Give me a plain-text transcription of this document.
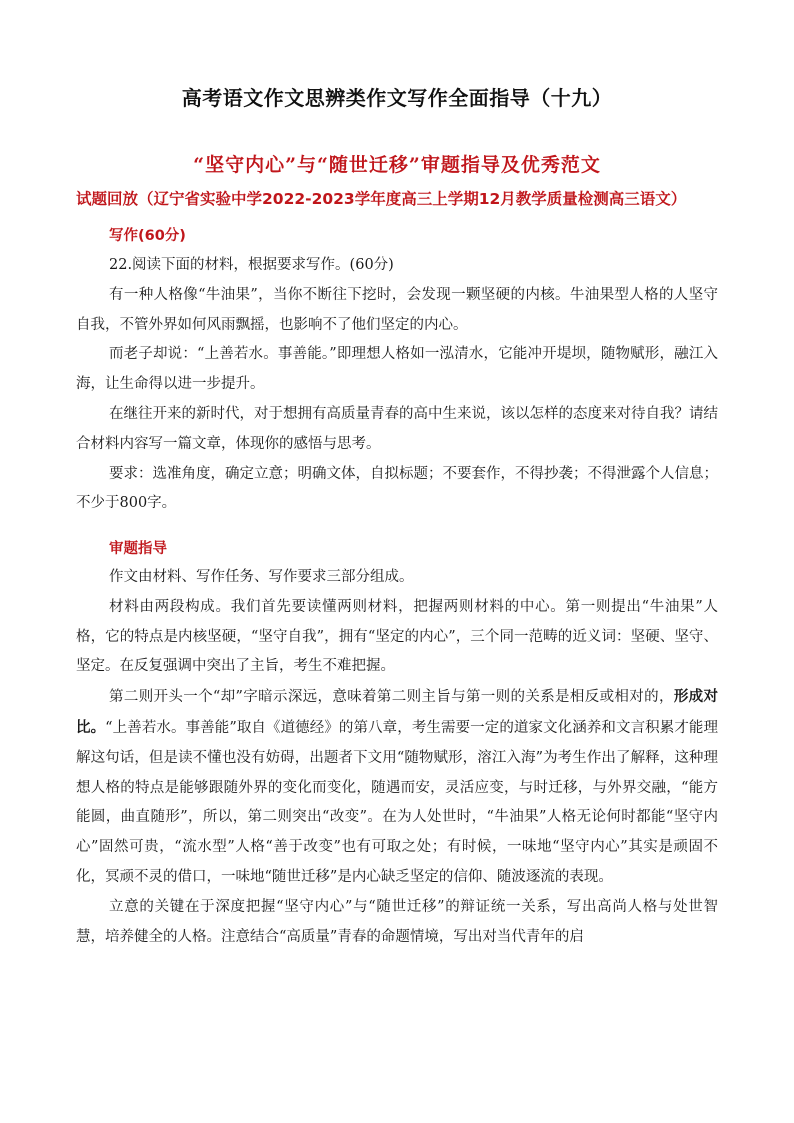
高考语文作文思辨类作文写作全面指导（十九）
“坚守内心”与“随世迁移”审题指导及优秀范文
试题回放（辽宁省实验中学2022-2023学年度高三上学期12月教学质量检测高三语文）
写作(60分)

22.阅读下面的材料，根据要求写作。(60分)

有一种人格像“牛油果”，当你不断往下挖时，会发现一颗坚硬的内核。牛油果型人格的人坚守自我，不管外界如何风雨飘摇，也影响不了他们坚定的内心。

而老子却说：“上善若水。事善能。”即理想人格如一泓清水，它能冲开堤坝，随物赋形，融江入海，让生命得以进一步提升。

在继往开来的新时代，对于想拥有高质量青春的高中生来说，该以怎样的态度来对待自我？请结合材料内容写一篇文章，体现你的感悟与思考。

要求：选准角度，确定立意；明确文体，自拟标题；不要套作，不得抄袭；不得泄露个人信息；不少于800字。

审题指导

作文由材料、写作任务、写作要求三部分组成。

材料由两段构成。我们首先要读懂两则材料，把握两则材料的中心。第一则提出“牛油果”人格，它的特点是内核坚硬，“坚守自我”，拥有“坚定的内心”，三个同一范畴的近义词：坚硬、坚守、坚定。在反复强调中突出了主旨，考生不难把握。

第二则开头一个“却”字暗示深远，意味着第二则主旨与第一则的关系是相反或相对的，形成对比。“上善若水。事善能”取自《道德经》的第八章，考生需要一定的道家文化涵养和文言积累才能理解这句话，但是读不懂也没有妨碍，出题者下文用“随物赋形，溶江入海”为考生作出了解释，这种理想人格的特点是能够跟随外界的变化而变化，随遇而安，灵活应变，与时迁移，与外界交融，“能方能圆，曲直随形”，所以，第二则突出“改变”。在为人处世时，“牛油果”人格无论何时都能“坚守内心”固然可贵，“流水型”人格“善于改变”也有可取之处；有时候，一味地“坚守内心”其实是顽固不化，冥顽不灵的借口，一味地“随世迁移”是内心缺乏坚定的信仰、随波逐流的表现。

立意的关键在于深度把握“坚守内心”与“随世迁移”的辩证统一关系，写出高尚人格与处世智慧，培养健全的人格。注意结合“高质量”青春的命题情境，写出对当代青年的启
